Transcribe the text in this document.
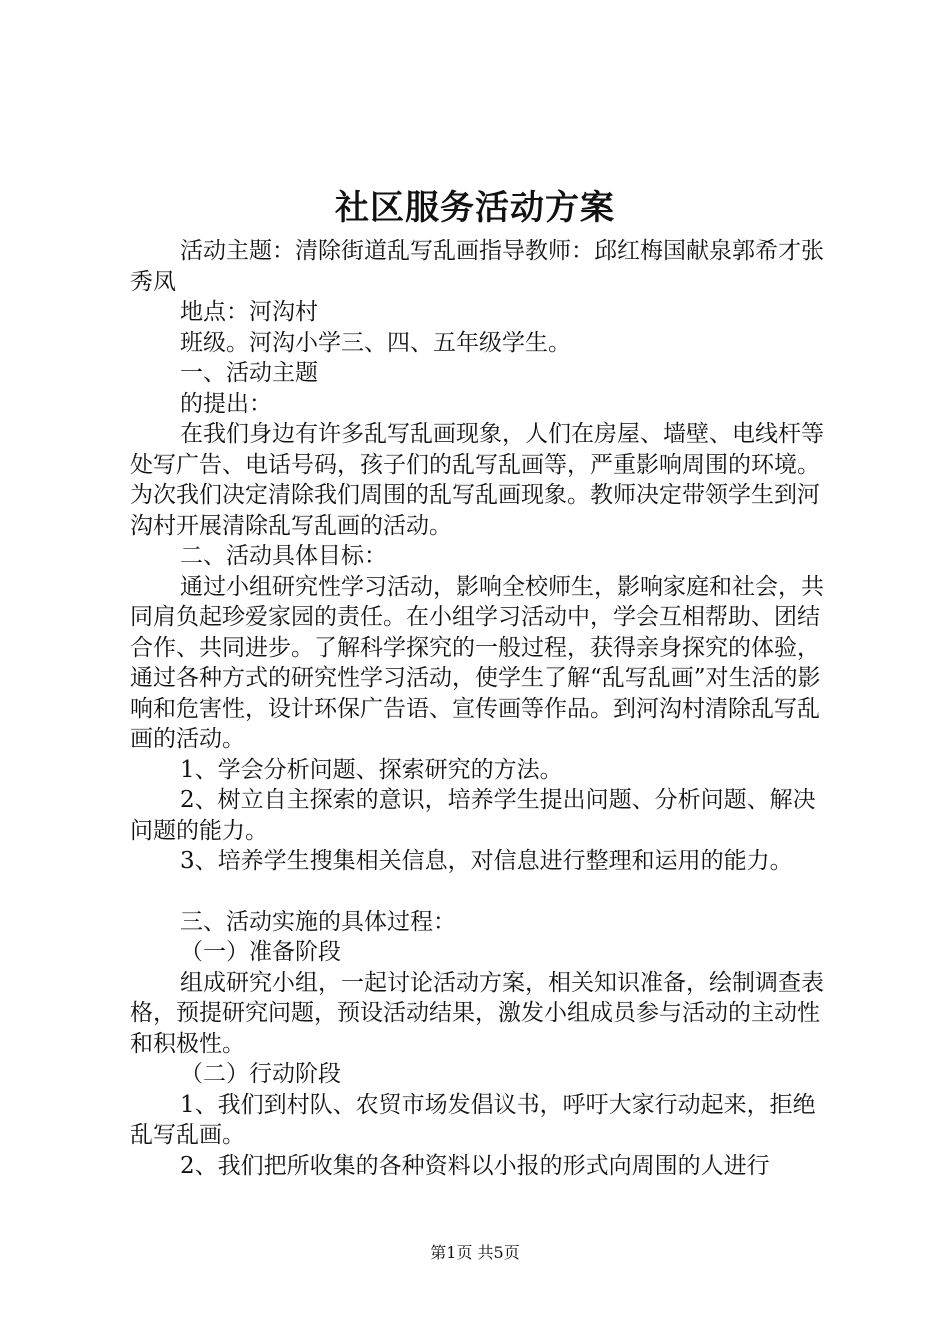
社区服务活动方案

活动主题：清除街道乱写乱画指导教师：邱红梅国献泉郭希才张秀凤

地点：河沟村

班级。河沟小学三、四、五年级学生。

一、活动主题

的提出：

在我们身边有许多乱写乱画现象，人们在房屋、墙壁、电线杆等处写广告、电话号码，孩子们的乱写乱画等，严重影响周围的环境。为次我们决定清除我们周围的乱写乱画现象。教师决定带领学生到河沟村开展清除乱写乱画的活动。

二、活动具体目标：

通过小组研究性学习活动，影响全校师生，影响家庭和社会，共同肩负起珍爱家园的责任。在小组学习活动中，学会互相帮助、团结合作、共同进步。了解科学探究的一般过程，获得亲身探究的体验，通过各种方式的研究性学习活动，使学生了解“乱写乱画”对生活的影响和危害性，设计环保广告语、宣传画等作品。到河沟村清除乱写乱画的活动。

1、学会分析问题、探索研究的方法。

2、树立自主探索的意识，培养学生提出问题、分析问题、解决问题的能力。

3、培养学生搜集相关信息，对信息进行整理和运用的能力。

三、活动实施的具体过程：

（一）准备阶段

组成研究小组，一起讨论活动方案，相关知识准备，绘制调查表格，预提研究问题，预设活动结果，激发小组成员参与活动的主动性和积极性。

（二）行动阶段

1、我们到村队、农贸市场发倡议书，呼吁大家行动起来，拒绝乱写乱画。

2、我们把所收集的各种资料以小报的形式向周围的人进行

第1页 共5页
